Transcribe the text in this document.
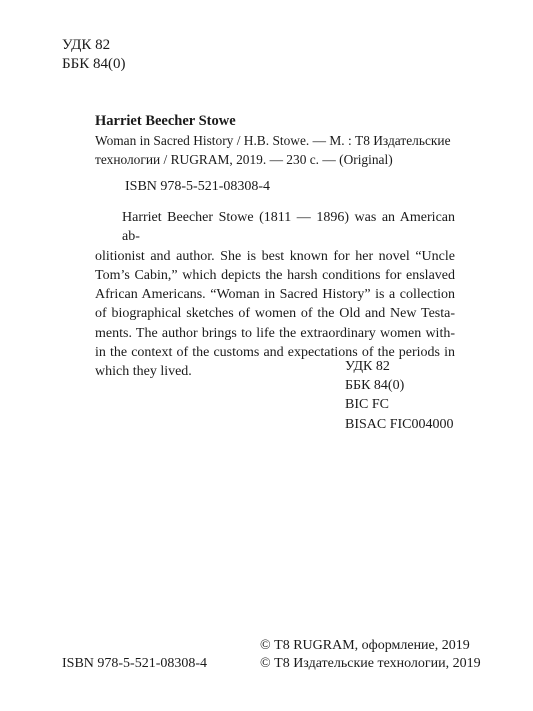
УДК 82
ББК 84(0)
Harriet Beecher Stowe
Woman in Sacred History / H.B. Stowe. — М. : Т8 Издательские
технологии / RUGRAM, 2019. — 230 с. — (Original)
ISBN 978-5-521-08308-4
Harriet Beecher Stowe (1811 — 1896) was an American ab-
olitionist and author. She is best known for her novel “Uncle
Tom’s Cabin,” which depicts the harsh conditions for enslaved
African Americans. “Woman in Sacred History” is a collection
of biographical sketches of women of the Old and New Testa-
ments. The author brings to life the extraordinary women with-
in the context of the customs and expectations of the periods in
which they lived.	УДК 82
ББК 84(0)
BIC FC
BISAC FIC004000
© Т8 RUGRAM, оформление, 2019
© Т8 Издательские технологии, 2019
ISBN 978-5-521-08308-4
